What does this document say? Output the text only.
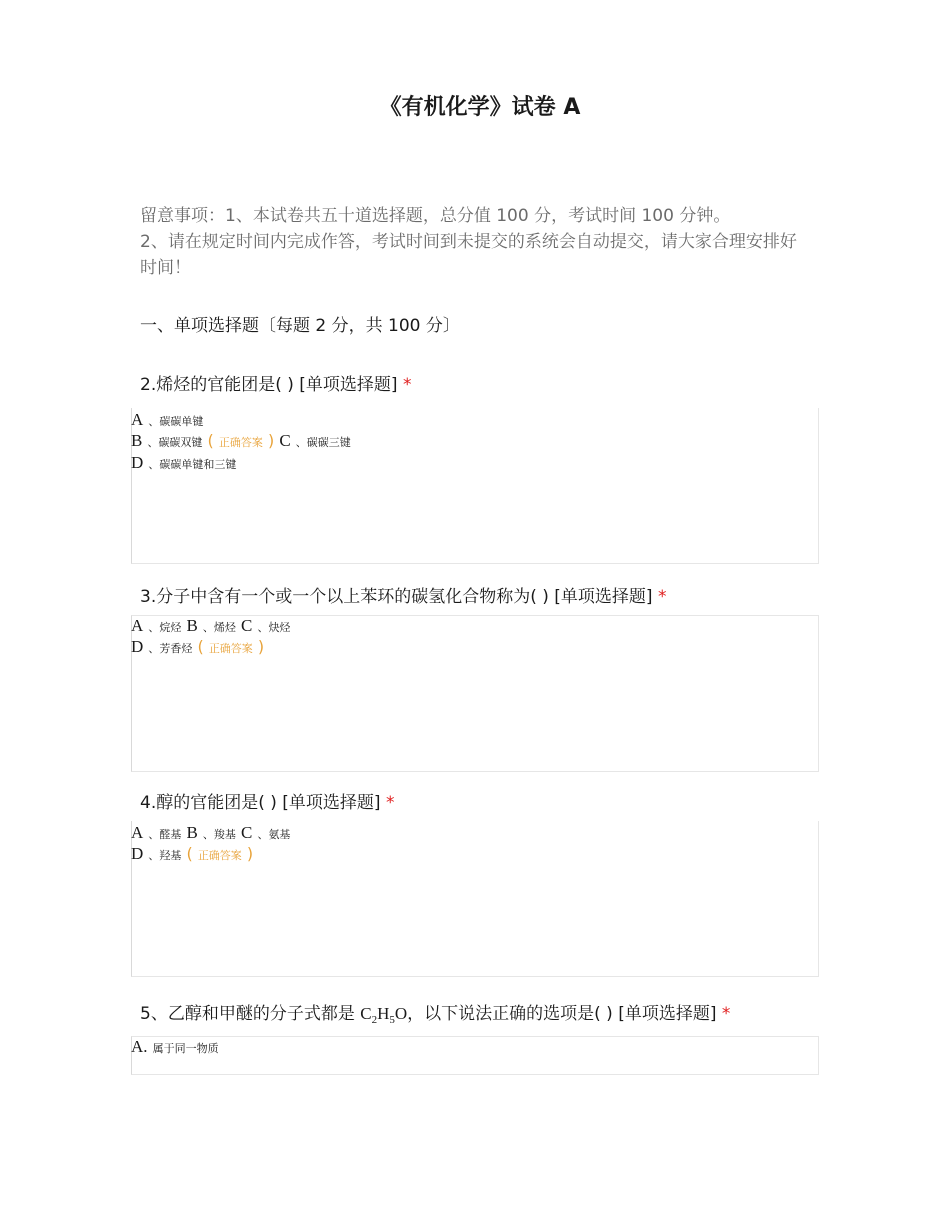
《有机化学》试卷 A
留意事项：1、本试卷共五十道选择题，总分值 100 分，考试时间 100 分钟。
2、请在规定时间内完成作答，考试时间到未提交的系统会自动提交，请大家合理安排好时间！
一、单项选择题〔每题 2 分，共 100 分〕
2.烯烃的官能团是( ) [单项选择题] *
A 、碳碳单键
B 、碳碳双键 ( 正确答案 ) C 、碳碳三键
D 、碳碳单键和三键
3.分子中含有一个或一个以上苯环的碳氢化合物称为( ) [单项选择题] *
A 、烷烃 B 、烯烃 C 、炔烃
D 、芳香烃 ( 正确答案 )
4.醇的官能团是( ) [单项选择题] *
A 、醛基 B 、羧基 C 、氨基
D 、羟基 ( 正确答案 )
5、乙醇和甲醚的分子式都是 $C_2H_5O$，以下说法正确的选项是( ) [单项选择题] *
A. 属于同一物质
